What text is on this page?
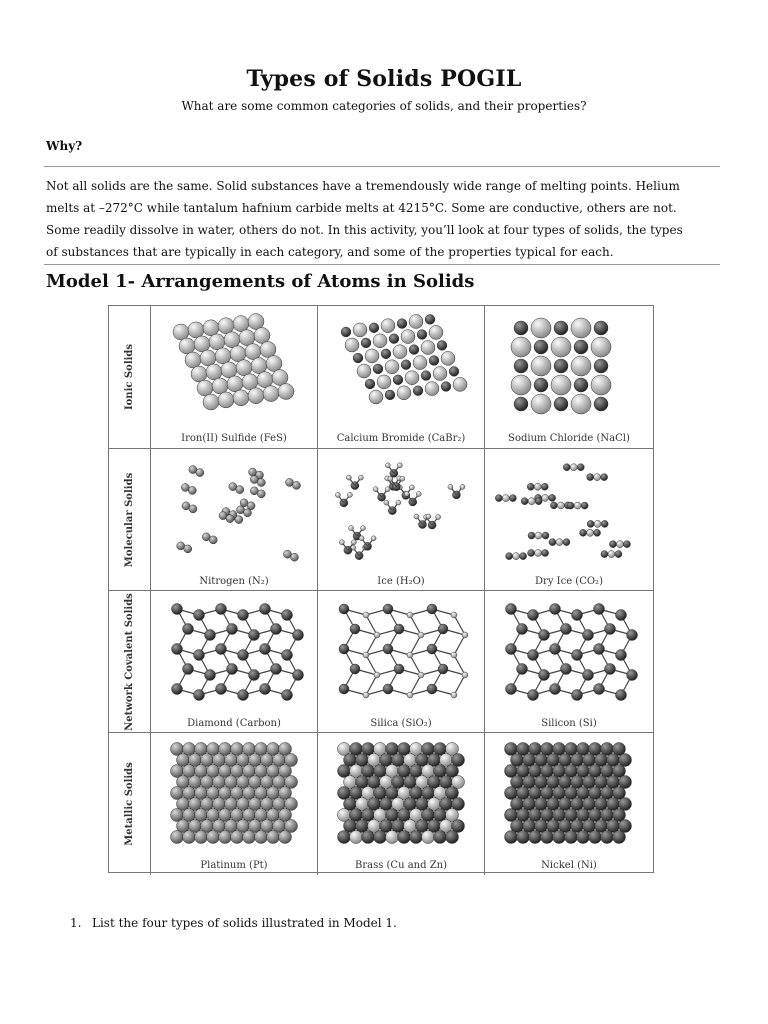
Types of Solids POGIL
What are some common categories of solids, and their properties?
Why?
Not all solids are the same. Solid substances have a tremendously wide range of melting points. Helium
melts at –272°C while tantalum hafnium carbide melts at 4215°C. Some are conductive, others are not.
Some readily dissolve in water, others do not. In this activity, you’ll look at four types of solids, the types
of substances that are typically in each category, and some of the properties typical for each.
Model 1- Arrangements of Atoms in Solids
Ionic Solids
Iron(II) Sulfide (FeS)	Calcium Bromide (CaBr₂)	Sodium Chloride (NaCl)
Molecular Solids
Nitrogen (N₂)	Ice (H₂O)	Dry Ice (CO₂)
Network Covalent Solids	Diamond (Carbon)	Silica (SiO₂)	Silicon (Si)
Metallic Solids
Platinum (Pt)	Brass (Cu and Zn)	Nickel (Ni)
1. List the four types of solids illustrated in Model 1.
